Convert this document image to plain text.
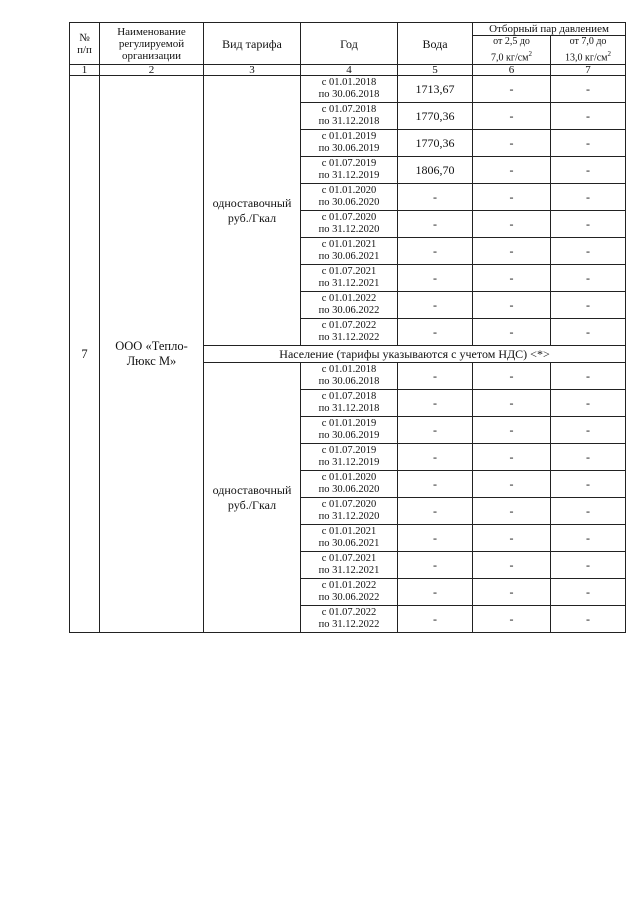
№
п/п	Наименование
регулируемой
организации	Вид тарифа	Год	Вода	Отборный пар давлением	

					от 2,5 до
7,0 $кг/см^2$	от 7,0 до
13,0 $кг/см^2$

1	2	3	4	5	6	7
7	ООО «Тепло-
Люкс М»	одноставочный
руб./Гкал	с 01.01.2018
по 30.06.2018	1713,67	-	-

			с 01.07.2018
по 31.12.2018	1770,36	-	-

			с 01.01.2019
по 30.06.2019	1770,36	-	-

			с 01.07.2019
по 31.12.2019	1806,70	-	-

			с 01.01.2020
по 30.06.2020	-	-	-

			с 01.07.2020
по 31.12.2020	-	-	-

			с 01.01.2021
по 30.06.2021	-	-	-

			с 01.07.2021
по 31.12.2021	-	-	-

			с 01.01.2022
по 30.06.2022	-	-	-

			с 01.07.2022
по 31.12.2022	-	-	-
		Население (тарифы указываются с учетом НДС) <*>				

		одноставочный
руб./Гкал	с 01.01.2018
по 30.06.2018	-	-	-

			с 01.07.2018
по 31.12.2018	-	-	-

			с 01.01.2019
по 30.06.2019	-	-	-

			с 01.07.2019
по 31.12.2019	-	-	-

			с 01.01.2020
по 30.06.2020	-	-	-

			с 01.07.2020
по 31.12.2020	-	-	-

			с 01.01.2021
по 30.06.2021	-	-	-

			с 01.07.2021
по 31.12.2021	-	-	-

			с 01.01.2022
по 30.06.2022	-	-	-

			с 01.07.2022
по 31.12.2022	-	-	-
